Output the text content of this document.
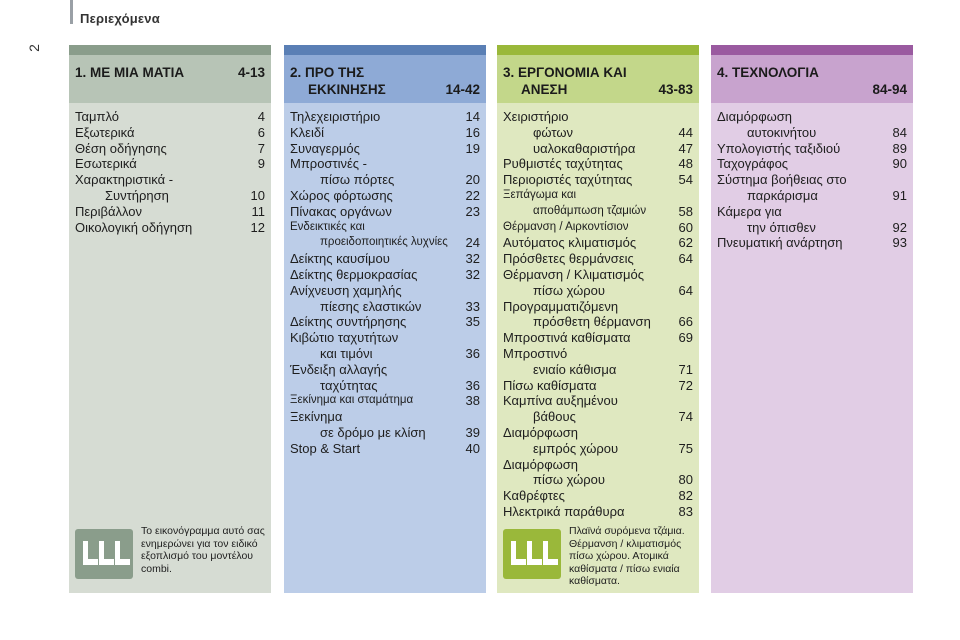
Περιεχόμενα
2
1. ΜΕ ΜΙΑ ΜΑΤΙΑ	4-13
Ταμπλό	4
Εξωτερικά	6
Θέση οδήγησης	7
Εσωτερικά	9
Χαρακτηριστικά -
Συντήρηση	10
Περιβάλλον	11
Οικολογική οδήγηση	12
Το εικονόγραμμα αυτό σας ενημερώνει για τον ειδικό εξοπλισμό του μοντέλου combi.
2. ΠΡΟ ΤΗΣ
ΕΚΚΙΝΗΣΗΣ	14-42
Τηλεχειριστήριο	14
Κλειδί	16
Συναγερμός	19
Μπροστινές -
πίσω πόρτες	20
Χώρος φόρτωσης	22
Πίνακας οργάνων	23
Ενδεικτικές και
προειδοποιητικές λυχνίες	24
Δείκτης καυσίμου	32
Δείκτης θερμοκρασίας	32
Ανίχνευση χαμηλής
πίεσης ελαστικών	33
Δείκτης συντήρησης	35
Κιβώτιο ταχυτήτων
και τιμόνι	36
Ένδειξη αλλαγής
ταχύτητας	36
Ξεκίνημα και σταμάτημα	38
Ξεκίνημα
σε δρόμο με κλίση	39
Stop & Start	40
3. ΕΡΓΟΝΟΜΙΑ ΚΑΙ
ΑΝΕΣΗ	43-83
Χειριστήριο
φώτων	44
υαλοκαθαριστήρα	47
Ρυθμιστές ταχύτητας	48
Περιοριστές ταχύτητας	54
Ξεπάγωμα και
αποθάμπωση τζαμιών	58
Θέρμανση / Αιρκοντίσιον	60
Αυτόματος κλιματισμός	62
Πρόσθετες θερμάνσεις	64
Θέρμανση / Κλιματισμός
πίσω χώρου	64
Προγραμματιζόμενη
πρόσθετη θέρμανση	66
Μπροστινά καθίσματα	69
Μπροστινό
ενιαίο κάθισμα	71
Πίσω καθίσματα	72
Καμπίνα αυξημένου
βάθους	74
Διαμόρφωση
εμπρός χώρου	75
Διαμόρφωση
πίσω χώρου	80
Καθρέφτες	82
Ηλεκτρικά παράθυρα	83
Πλαϊνά συρόμενα τζάμια. Θέρμανση / κλιματισμός πίσω χώρου. Ατομικά καθίσματα / πίσω ενιαία καθίσματα.
4. ΤΕΧΝΟΛΟΓΙΑ
84-94
Διαμόρφωση
αυτοκινήτου	84
Υπολογιστής ταξιδιού	89
Ταχογράφος	90
Σύστημα βοήθειας στο
παρκάρισμα	91
Κάμερα για
την όπισθεν	92
Πνευματική ανάρτηση	93
